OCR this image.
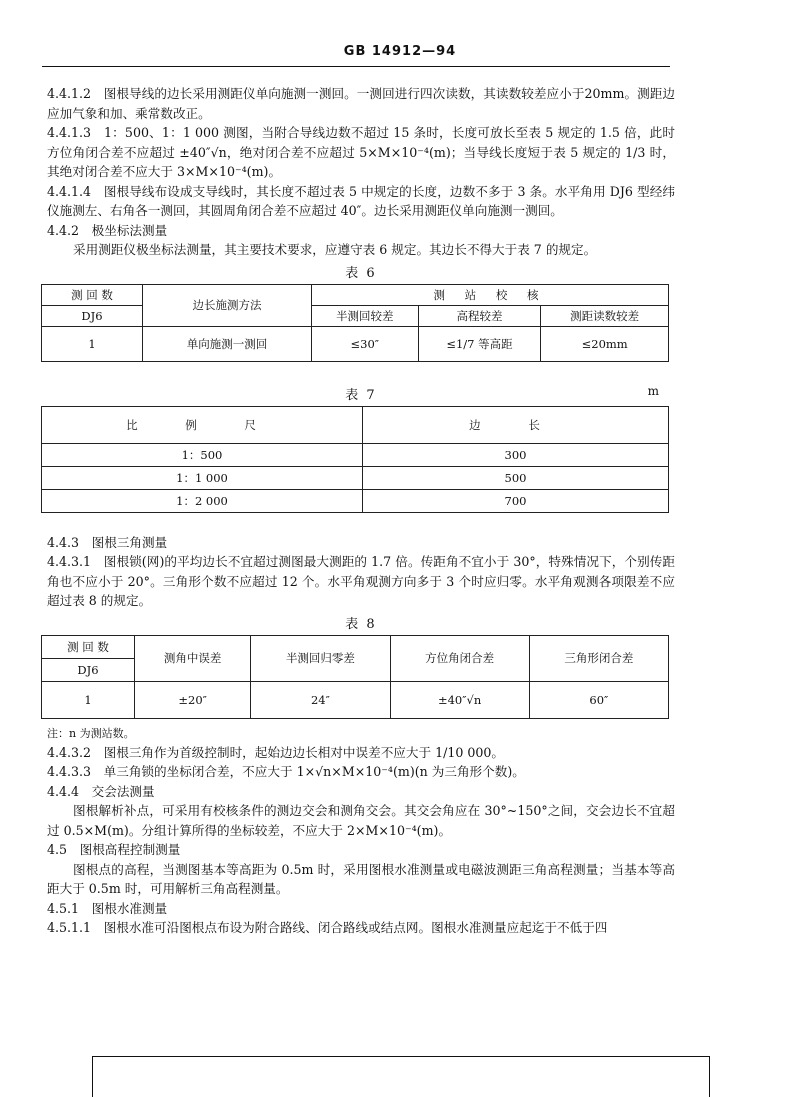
GB 14912—94

4.4.1.2　图根导线的边长采用测距仪单向施测一测回。一测回进行四次读数，其读数较差应小于20mm。测距边应加气象和加、乘常数改正。

4.4.1.3　1：500、1：1 000 测图，当附合导线边数不超过 15 条时，长度可放长至表 5 规定的 1.5 倍，此时方位角闭合差不应超过 ±40″√n，绝对闭合差不应超过 5×M×10⁻⁴(m)；当导线长度短于表 5 规定的 1/3 时，其绝对闭合差不应大于 3×M×10⁻⁴(m)。

4.4.1.4　图根导线布设成支导线时，其长度不超过表 5 中规定的长度，边数不多于 3 条。水平角用 DJ6 型经纬仪施测左、右角各一测回，其圆周角闭合差不应超过 40″。边长采用测距仪单向施测一测回。

4.4.2　极坐标法测量

采用测距仪极坐标法测量，其主要技术要求，应遵守表 6 规定。其边长不得大于表 7 的规定。

表 6
测 回 数	边长施测方法	测 站 校 核		
DJ6		半测回较差	高程较差	测距读数较差
1	单向施测一测回	≤30″	≤1/7 等高距	≤20mm
表 7	m
比 例 尺	边 长
1：500	300
1：1 000	500
1：2 000	700

4.4.3　图根三角测量

4.4.3.1　图根锁(网)的平均边长不宜超过测图最大测距的 1.7 倍。传距角不宜小于 30°，特殊情况下，个别传距角也不应小于 20°。三角形个数不应超过 12 个。水平角观测方向多于 3 个时应归零。水平角观测各项限差不应超过表 8 的规定。

表 8
测 回 数	测角中误差	半测回归零差	方位角闭合差	三角形闭合差
DJ6				
1	±20″	24″	±40″√n	60″
注：n 为测站数。

4.4.3.2　图根三角作为首级控制时，起始边边长相对中误差不应大于 1/10 000。

4.4.3.3　单三角锁的坐标闭合差，不应大于 1×√n×M×10⁻⁴(m)(n 为三角形个数)。

4.4.4　交会法测量

图根解析补点，可采用有校核条件的测边交会和测角交会。其交会角应在 30°~150°之间，交会边长不宜超过 0.5×M(m)。分组计算所得的坐标较差，不应大于 2×M×10⁻⁴(m)。

4.5　图根高程控制测量

图根点的高程，当测图基本等高距为 0.5m 时，采用图根水准测量或电磁波测距三角高程测量；当基本等高距大于 0.5m 时，可用解析三角高程测量。

4.5.1　图根水准测量

4.5.1.1　图根水准可沿图根点布设为附合路线、闭合路线或结点网。图根水准测量应起迄于不低于四
